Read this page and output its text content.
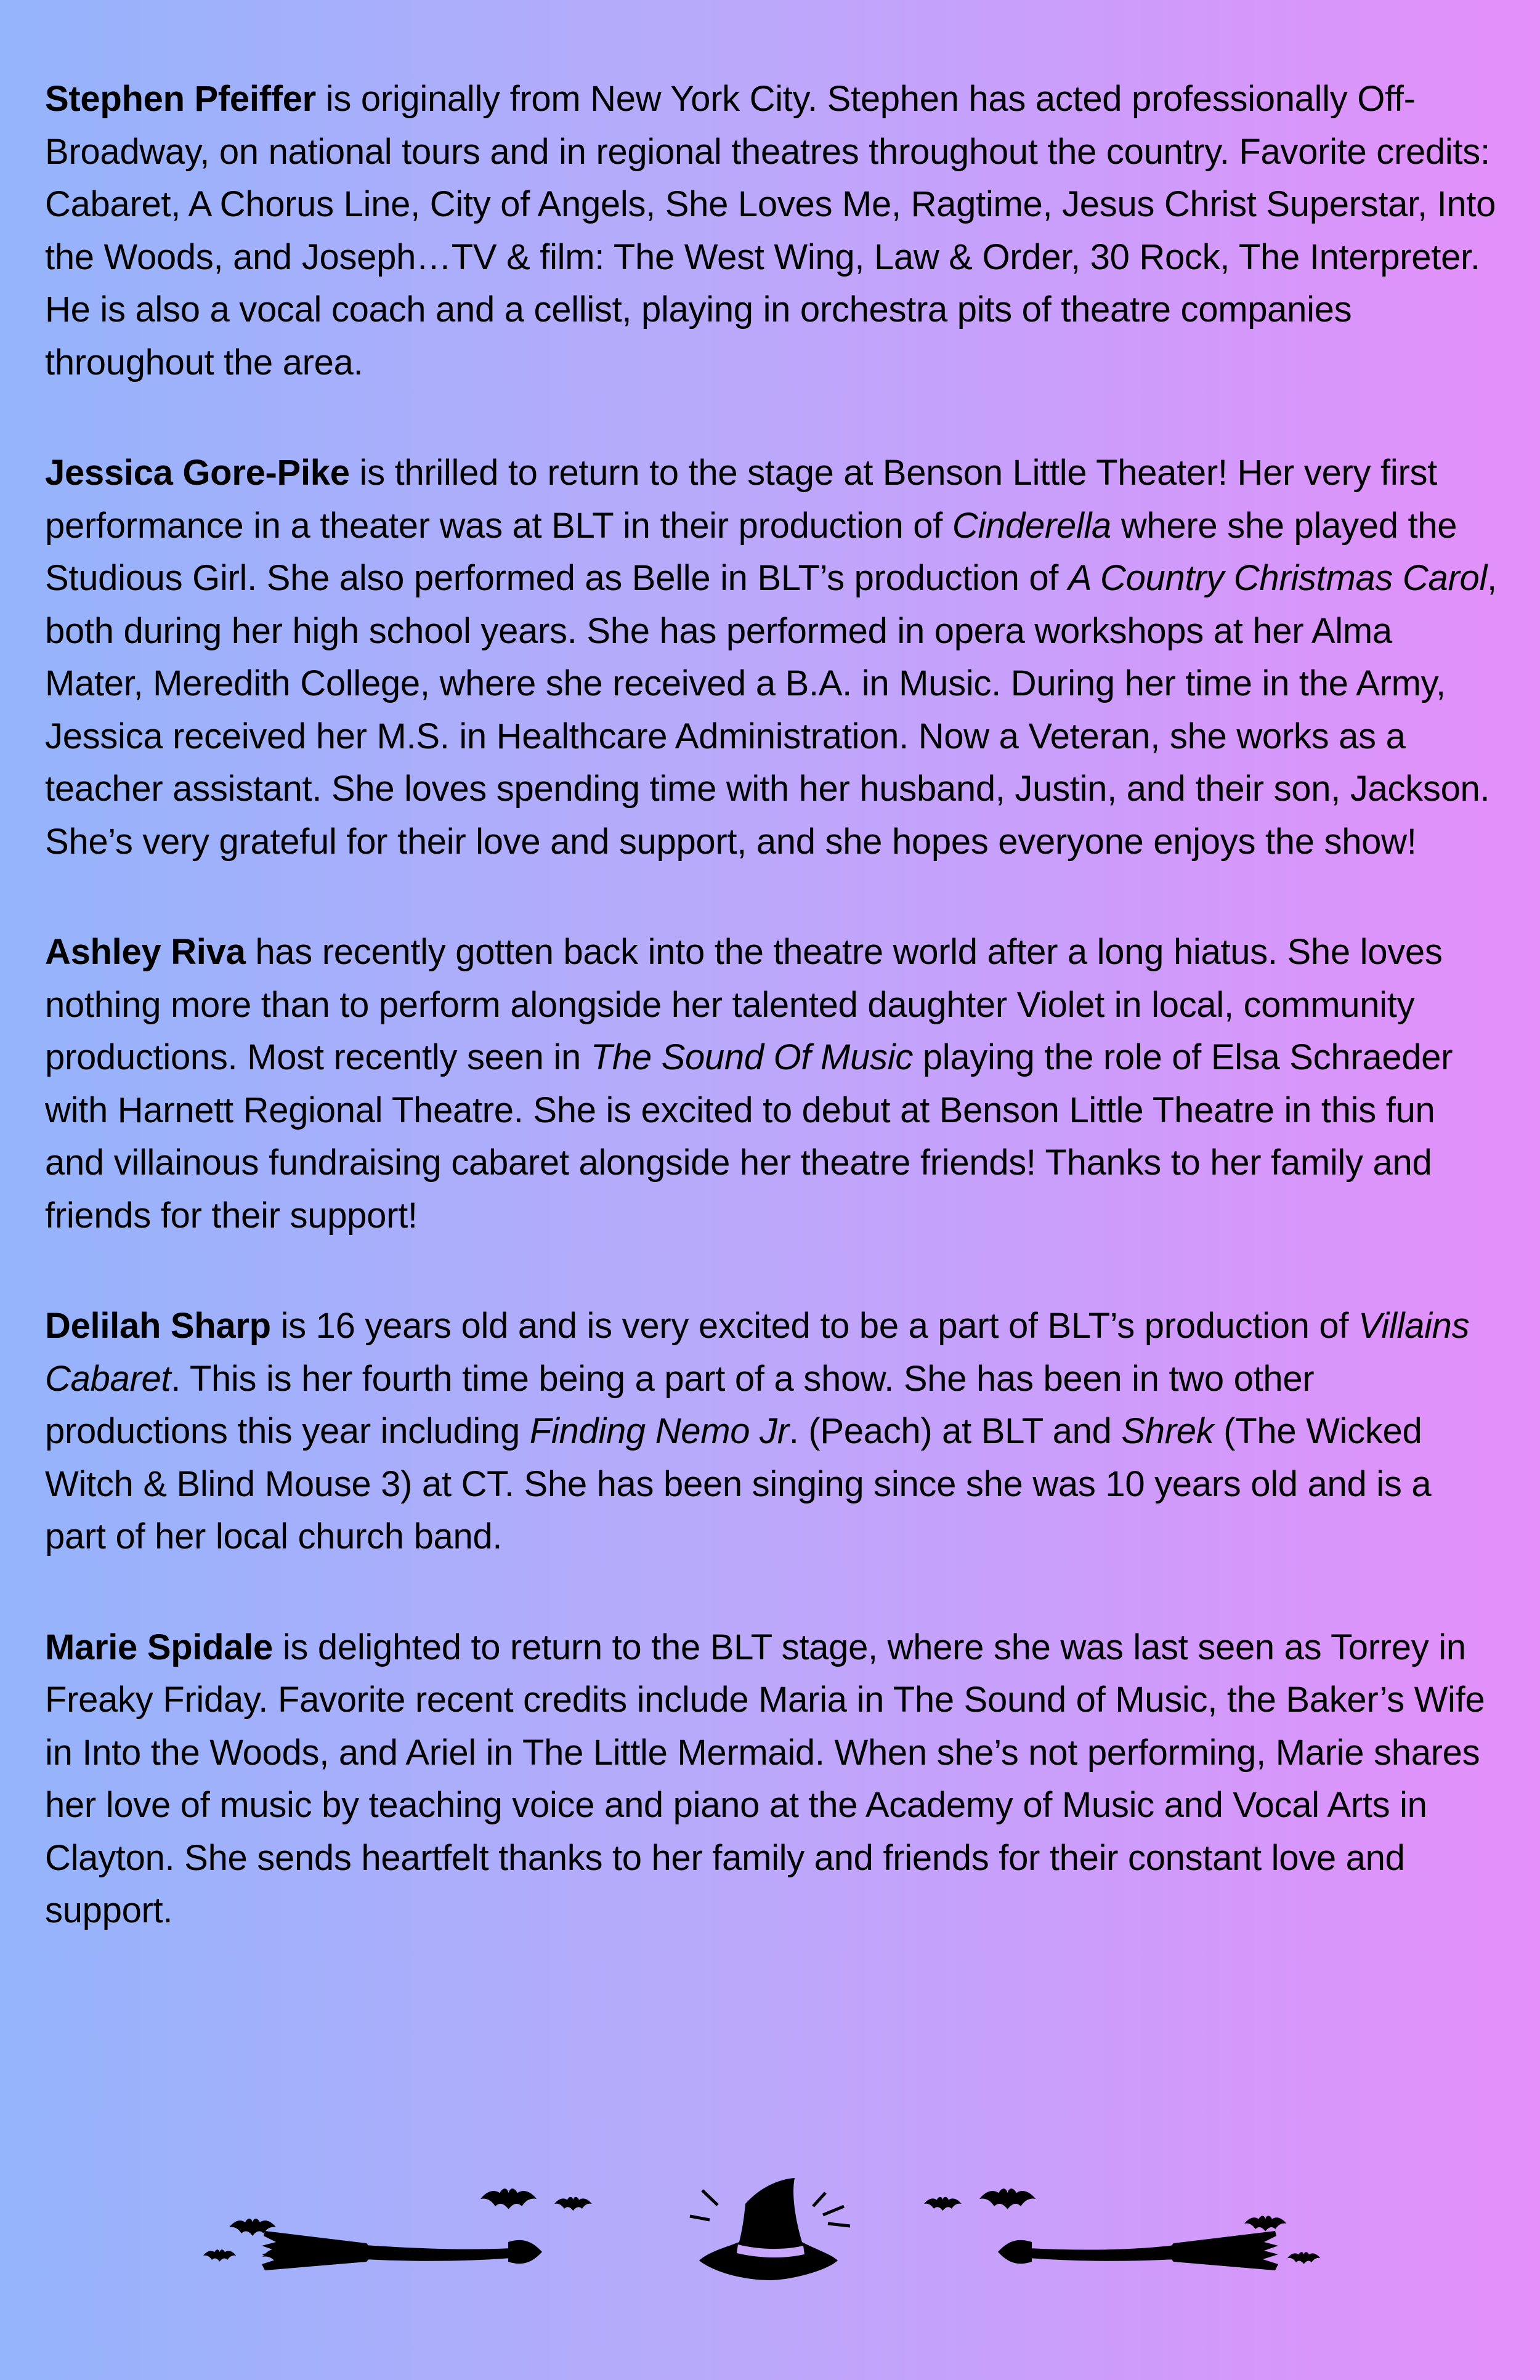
Stephen Pfeiffer is originally from New York City. Stephen has acted professionally Off-Broadway, on national tours and in regional theatres throughout the country. Favorite credits: Cabaret, A Chorus Line, City of Angels, She Loves Me, Ragtime, Jesus Christ Superstar, Into the Woods, and Joseph…TV & film: The West Wing, Law & Order, 30 Rock, The Interpreter. He is also a vocal coach and a cellist, playing in orchestra pits of theatre companies throughout the area.

Jessica Gore-Pike is thrilled to return to the stage at Benson Little Theater! Her very first performance in a theater was at BLT in their production of Cinderella where she played the Studious Girl. She also performed as Belle in BLT’s production of A Country Christmas Carol, both during her high school years. She has performed in opera workshops at her Alma Mater, Meredith College, where she received a B.A. in Music. During her time in the Army, Jessica received her M.S. in Healthcare Administration. Now a Veteran, she works as a teacher assistant. She loves spending time with her husband, Justin, and their son, Jackson. She’s very grateful for their love and support, and she hopes everyone enjoys the show!

Ashley Riva has recently gotten back into the theatre world after a long hiatus. She loves nothing more than to perform alongside her talented daughter Violet in local, community productions. Most recently seen in The Sound Of Music playing the role of Elsa Schraeder with Harnett Regional Theatre. She is excited to debut at Benson Little Theatre in this fun and villainous fundraising cabaret alongside her theatre friends! Thanks to her family and friends for their support!

Delilah Sharp is 16 years old and is very excited to be a part of BLT’s production of Villains Cabaret. This is her fourth time being a part of a show. She has been in two other productions this year including Finding Nemo Jr. (Peach) at BLT and Shrek (The Wicked Witch & Blind Mouse 3) at CT. She has been singing since she was 10 years old and is a part of her local church band.

Marie Spidale is delighted to return to the BLT stage, where she was last seen as Torrey in Freaky Friday. Favorite recent credits include Maria in The Sound of Music, the Baker’s Wife in Into the Woods, and Ariel in The Little Mermaid. When she’s not performing, Marie shares her love of music by teaching voice and piano at the Academy of Music and Vocal Arts in Clayton. She sends heartfelt thanks to her family and friends for their constant love and support.
